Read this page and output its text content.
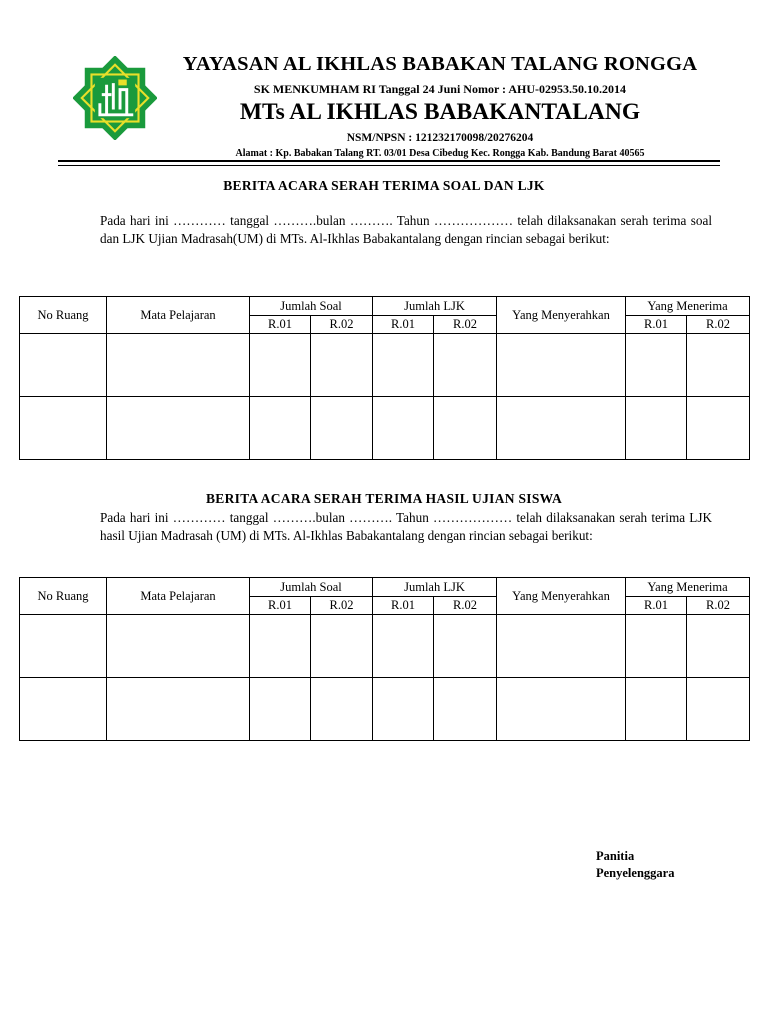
YAYASAN AL IKHLAS BABAKAN TALANG RONGGA

SK MENKUMHAM RI Tanggal 24 Juni Nomor : AHU-02953.50.10.2014

MTs AL IKHLAS BABAKANTALANG

NSM/NPSN : 121232170098/20276204

Alamat : Kp. Babakan Talang RT. 03/01 Desa Cibedug Kec. Rongga Kab. Bandung Barat 40565

BERITA ACARA SERAH TERIMA SOAL DAN LJK

Pada hari ini ………… tanggal ……….bulan ………. Tahun ……………… telah dilaksanakan serah terima soal dan LJK Ujian Madrasah(UM) di MTs. Al-Ikhlas Babakantalang dengan rincian sebagai berikut:

No Ruang	Mata Pelajaran	Jumlah Soal		Jumlah LJK		Yang Menyerahkan	Yang Menerima	
		R.01	R.02	R.01	R.02		R.01	R.02

BERITA ACARA SERAH TERIMA HASIL UJIAN SISWA

Pada hari ini ………… tanggal ……….bulan ………. Tahun ……………… telah dilaksanakan serah terima LJK hasil Ujian Madrasah (UM) di MTs. Al-Ikhlas Babakantalang dengan rincian sebagai berikut:

No Ruang	Mata Pelajaran	Jumlah Soal		Jumlah LJK		Yang Menyerahkan	Yang Menerima	
		R.01	R.02	R.01	R.02		R.01	R.02

Panitia
Penyelenggara
